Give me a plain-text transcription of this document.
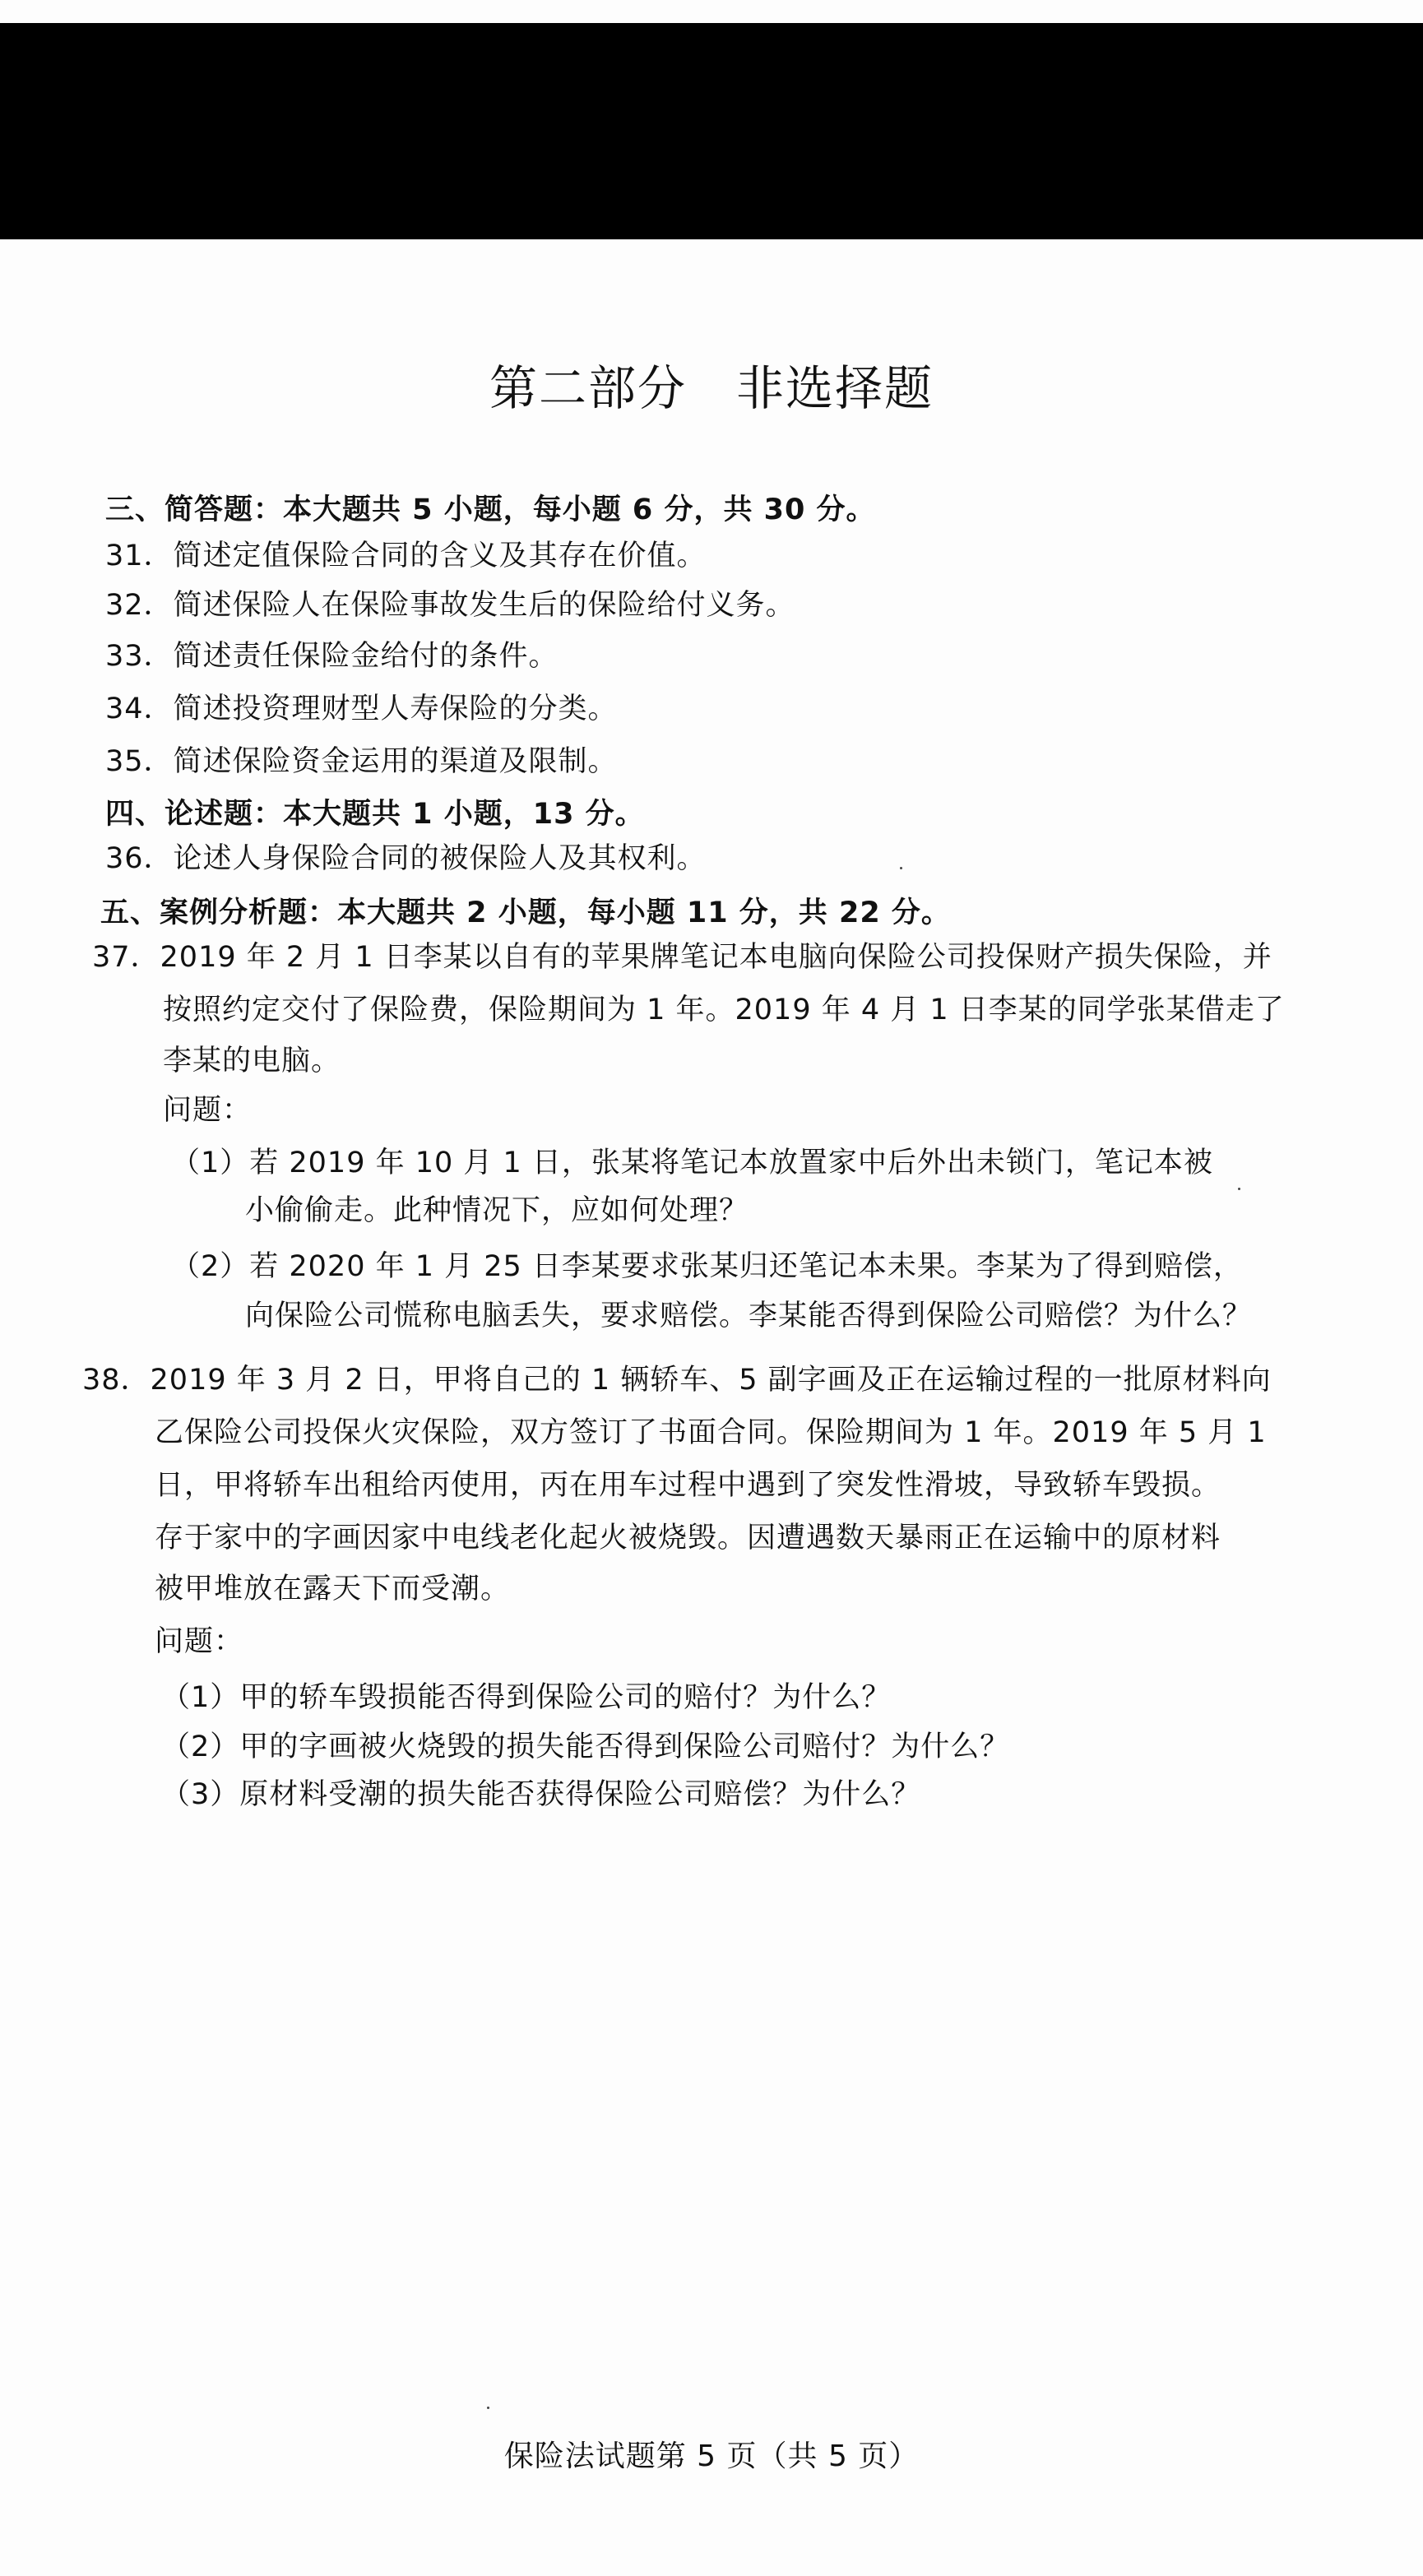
第二部分　非选择题
三、简答题：本大题共 5 小题，每小题 6 分，共 30 分。
31．简述定值保险合同的含义及其存在价值。
32．简述保险人在保险事故发生后的保险给付义务。
33．简述责任保险金给付的条件。
34．简述投资理财型人寿保险的分类。
35．简述保险资金运用的渠道及限制。
四、论述题：本大题共 1 小题，13 分。
36．论述人身保险合同的被保险人及其权利。
五、案例分析题：本大题共 2 小题，每小题 11 分，共 22 分。
37．2019 年 2 月 1 日李某以自有的苹果牌笔记本电脑向保险公司投保财产损失保险，并
按照约定交付了保险费，保险期间为 1 年。2019 年 4 月 1 日李某的同学张某借走了
李某的电脑。
问题：
（1）若 2019 年 10 月 1 日，张某将笔记本放置家中后外出未锁门，笔记本被
小偷偷走。此种情况下，应如何处理？
（2）若 2020 年 1 月 25 日李某要求张某归还笔记本未果。李某为了得到赔偿，
向保险公司慌称电脑丢失，要求赔偿。李某能否得到保险公司赔偿？为什么？
38．2019 年 3 月 2 日，甲将自己的 1 辆轿车、5 副字画及正在运输过程的一批原材料向
乙保险公司投保火灾保险，双方签订了书面合同。保险期间为 1 年。2019 年 5 月 1
日，甲将轿车出租给丙使用，丙在用车过程中遇到了突发性滑坡，导致轿车毁损。
存于家中的字画因家中电线老化起火被烧毁。因遭遇数天暴雨正在运输中的原材料
被甲堆放在露天下而受潮。
问题：
（1）甲的轿车毁损能否得到保险公司的赔付？为什么？
（2）甲的字画被火烧毁的损失能否得到保险公司赔付？为什么？
（3）原材料受潮的损失能否获得保险公司赔偿？为什么？
保险法试题第 5 页（共 5 页）
